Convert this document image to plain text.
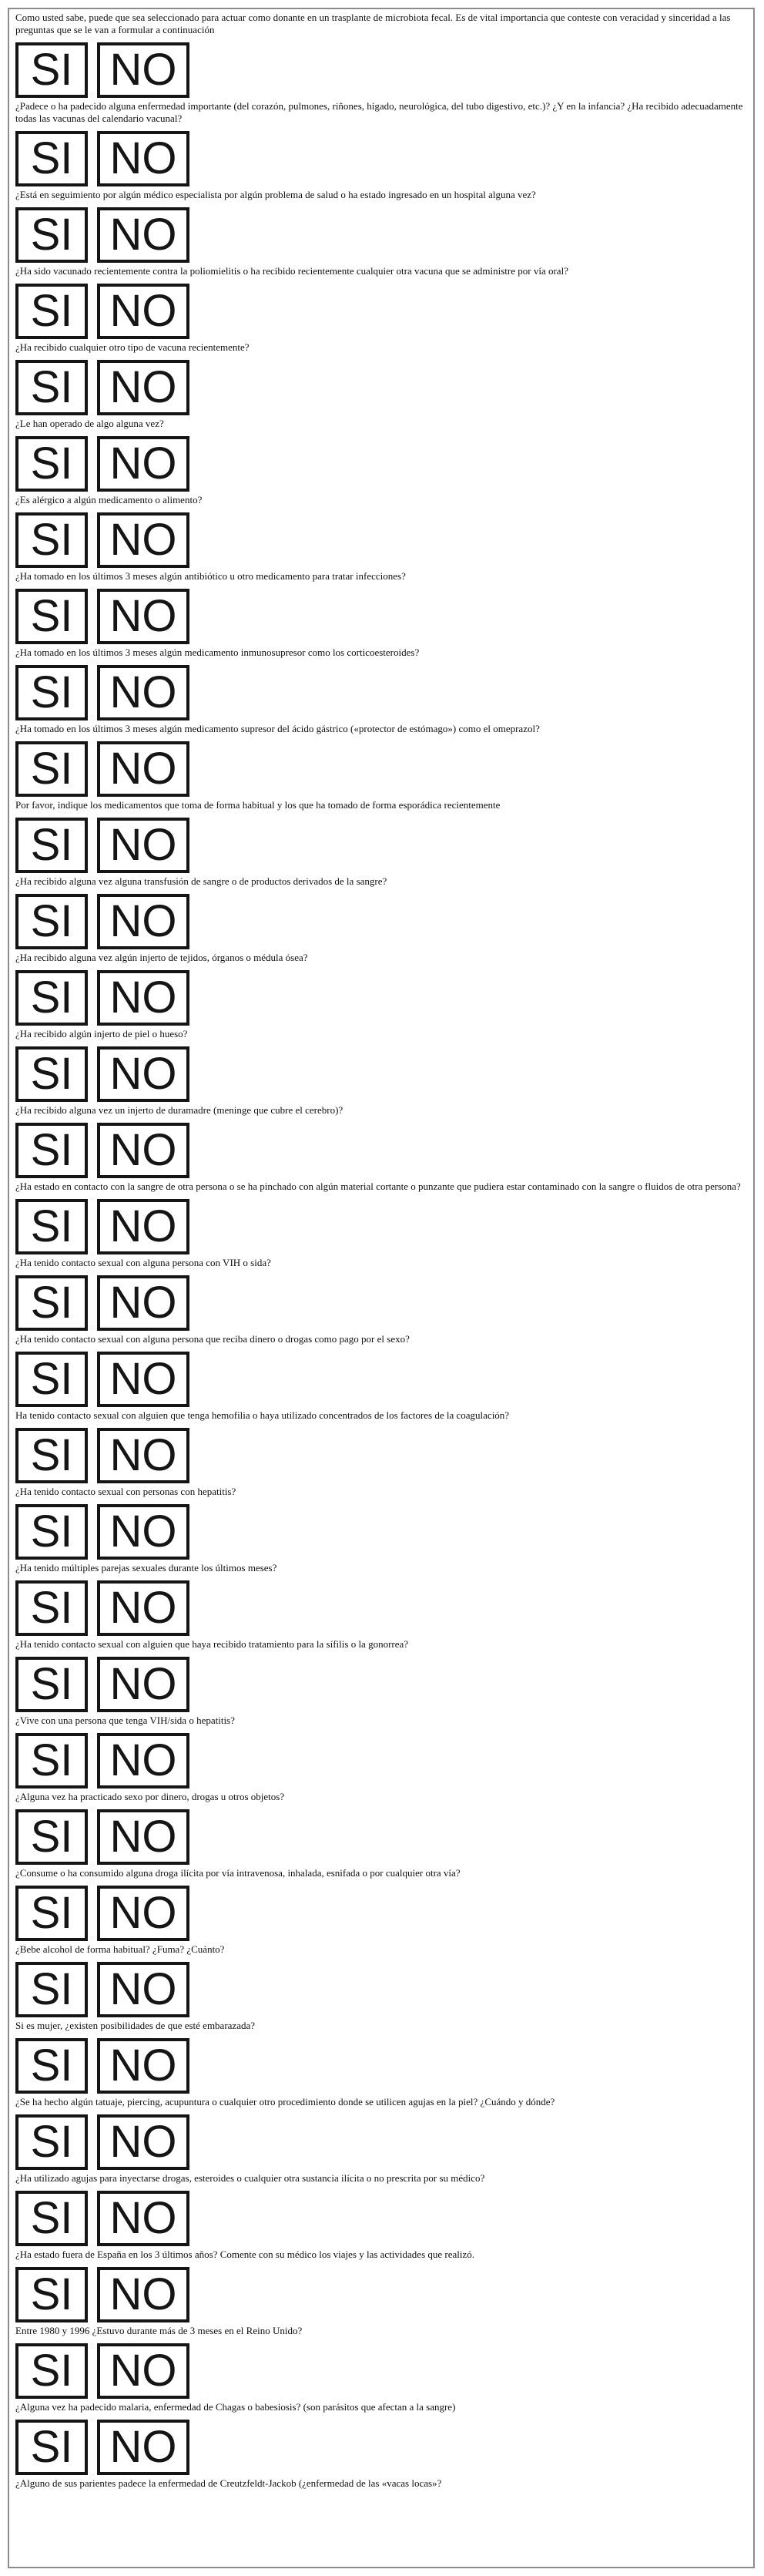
Como usted sabe, puede que sea seleccionado para actuar como donante en un trasplante de microbiota fecal. Es de vital importancia que conteste con veracidad y sinceridad a las preguntas que se le van a formular a continuación

SI NO

¿Padece o ha padecido alguna enfermedad importante (del corazón, pulmones, riñones, hígado, neurológica, del tubo digestivo, etc.)? ¿Y en la infancia? ¿Ha recibido adecuadamente todas las vacunas del calendario vacunal?

SI NO

¿Está en seguimiento por algún médico especialista por algún problema de salud o ha estado ingresado en un hospital alguna vez?

SI NO

¿Ha sido vacunado recientemente contra la poliomielitis o ha recibido recientemente cualquier otra vacuna que se administre por vía oral?

SI NO

¿Ha recibido cualquier otro tipo de vacuna recientemente?

SI NO

¿Le han operado de algo alguna vez?

SI NO

¿Es alérgico a algún medicamento o alimento?

SI NO

¿Ha tomado en los últimos 3 meses algún antibiótico u otro medicamento para tratar infecciones?

SI NO

¿Ha tomado en los últimos 3 meses algún medicamento inmunosupresor como los corticoesteroides?

SI NO

¿Ha tomado en los últimos 3 meses algún medicamento supresor del ácido gástrico («protector de estómago») como el omeprazol?

SI NO

Por favor, indique los medicamentos que toma de forma habitual y los que ha tomado de forma esporádica recientemente

SI NO

¿Ha recibido alguna vez alguna transfusión de sangre o de productos derivados de la sangre?

SI NO

¿Ha recibido alguna vez algún injerto de tejidos, órganos o médula ósea?

SI NO

¿Ha recibido algún injerto de piel o hueso?

SI NO

¿Ha recibido alguna vez un injerto de duramadre (meninge que cubre el cerebro)?

SI NO

¿Ha estado en contacto con la sangre de otra persona o se ha pinchado con algún material cortante o punzante que pudiera estar contaminado con la sangre o fluidos de otra persona?

SI NO

¿Ha tenido contacto sexual con alguna persona con VIH o sida?

SI NO

¿Ha tenido contacto sexual con alguna persona que reciba dinero o drogas como pago por el sexo?

SI NO

Ha tenido contacto sexual con alguien que tenga hemofilia o haya utilizado concentrados de los factores de la coagulación?

SI NO

¿Ha tenido contacto sexual con personas con hepatitis?

SI NO

¿Ha tenido múltiples parejas sexuales durante los últimos meses?

SI NO

¿Ha tenido contacto sexual con alguien que haya recibido tratamiento para la sífilis o la gonorrea?

SI NO

¿Vive con una persona que tenga VIH/sida o hepatitis?

SI NO

¿Alguna vez ha practicado sexo por dinero, drogas u otros objetos?

SI NO

¿Consume o ha consumido alguna droga ilícita por vía intravenosa, inhalada, esnifada o por cualquier otra vía?

SI NO

¿Bebe alcohol de forma habitual? ¿Fuma? ¿Cuánto?

SI NO

Si es mujer, ¿existen posibilidades de que esté embarazada?

SI NO

¿Se ha hecho algún tatuaje, piercing, acupuntura o cualquier otro procedimiento donde se utilicen agujas en la piel? ¿Cuándo y dónde?

SI NO

¿Ha utilizado agujas para inyectarse drogas, esteroides o cualquier otra sustancia ilícita o no prescrita por su médico?

SI NO

¿Ha estado fuera de España en los 3 últimos años? Comente con su médico los viajes y las actividades que realizó.

SI NO

Entre 1980 y 1996 ¿Estuvo durante más de 3 meses en el Reino Unido?

SI NO

¿Alguna vez ha padecido malaria, enfermedad de Chagas o babesiosis? (son parásitos que afectan a la sangre)

SI NO

¿Alguno de sus parientes padece la enfermedad de Creutzfeldt-Jackob (¿enfermedad de las «vacas locas»?
